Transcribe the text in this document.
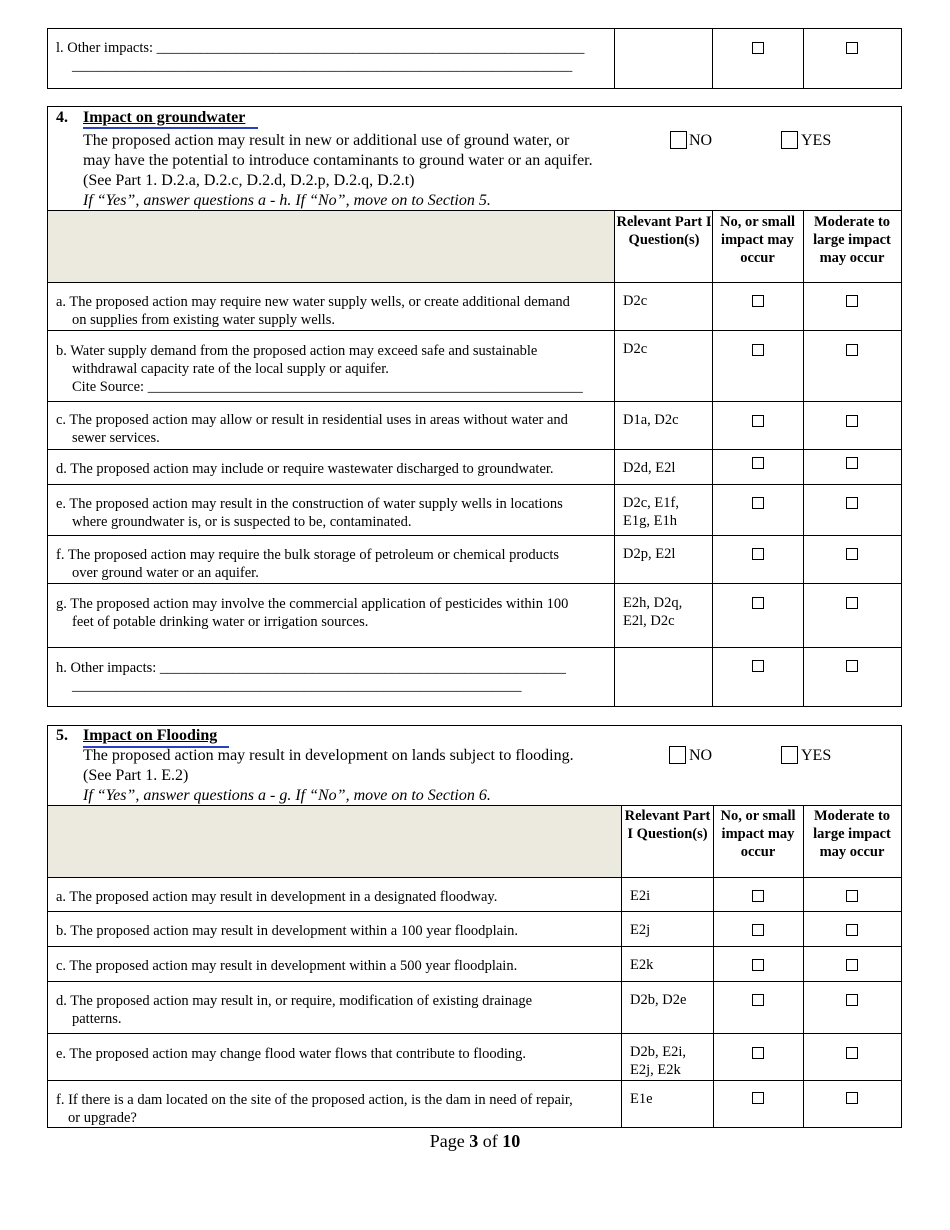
l. Other impacts: ___________________________________________________________
_____________________________________________________________________
4. Impact on groundwater
The proposed action may result in new or additional use of ground water, or
may have the potential to introduce contaminants to ground water or an aquifer.
(See Part 1. D.2.a, D.2.c, D.2.d, D.2.p, D.2.q, D.2.t)
If “Yes”, answer questions a - h. If “No”, move on to Section 5.
NO	YES
Relevant Part I Question(s)
No, or small impact may occur
Moderate to large impact may occur
a. The proposed action may require new water supply wells, or create additional demand
on supplies from existing water supply wells.
D2c
b. Water supply demand from the proposed action may exceed safe and sustainable
withdrawal capacity rate of the local supply or aquifer.
Cite Source: ____________________________________________________________
D2c
c. The proposed action may allow or result in residential uses in areas without water and
sewer services.
D1a, D2c
d. The proposed action may include or require wastewater discharged to groundwater.	D2d, E2l
e. The proposed action may result in the construction of water supply wells in locations
where groundwater is, or is suspected to be, contaminated.
D2c, E1f,
E1g, E1h
f. The proposed action may require the bulk storage of petroleum or chemical products
over ground water or an aquifer.
D2p, E2l
g. The proposed action may involve the commercial application of pesticides within 100
feet of potable drinking water or irrigation sources.
E2h, D2q,
E2l, D2c
h. Other impacts: ________________________________________________________
______________________________________________________________
5. Impact on Flooding
The proposed action may result in development on lands subject to flooding.
(See Part 1. E.2)
If “Yes”, answer questions a - g. If “No”, move on to Section 6.
NO	YES
Relevant Part I Question(s)
No, or small impact may occur
Moderate to large impact may occur
a. The proposed action may result in development in a designated floodway.	E2i
b. The proposed action may result in development within a 100 year floodplain.	E2j
c. The proposed action may result in development within a 500 year floodplain.	E2k
d. The proposed action may result in, or require, modification of existing drainage
patterns.
D2b, D2e
e. The proposed action may change flood water flows that contribute to flooding.	D2b, E2i,
E2j, E2k
f. If there is a dam located on the site of the proposed action, is the dam in need of repair,
or upgrade?
E1e
Page 3 of 10
